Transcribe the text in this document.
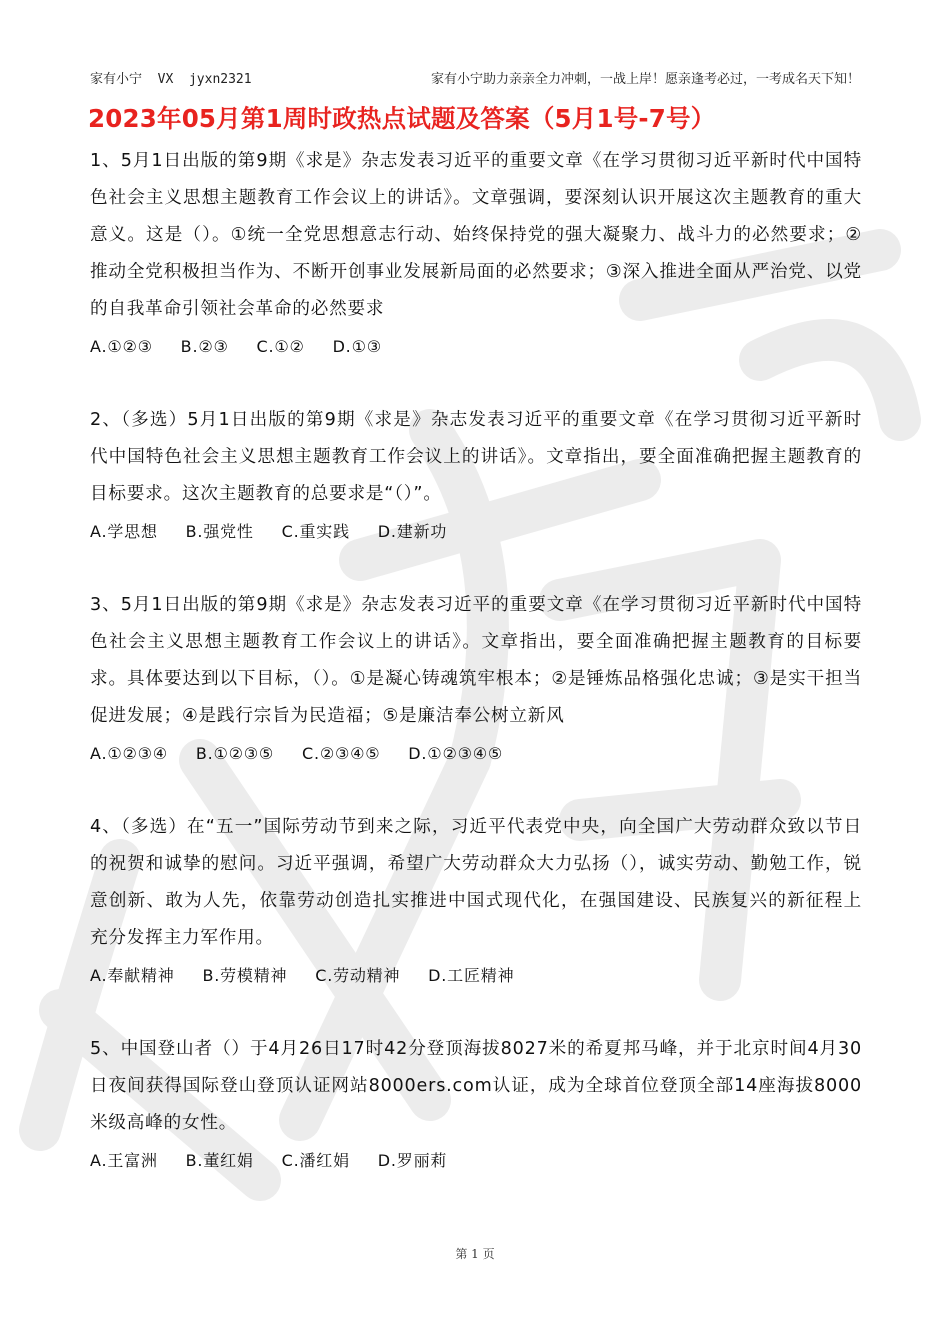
家有小宁  VX  jyxn2321	家有小宁助力亲亲全力冲刺，一战上岸！愿亲逢考必过，一考成名天下知！
2023年05月第1周时政热点试题及答案（5月1号-7号）

1、5月1日出版的第9期《求是》杂志发表习近平的重要文章《在学习贯彻习近平新时代中国特色社会主义思想主题教育工作会议上的讲话》。文章强调，要深刻认识开展这次主题教育的重大意义。这是（）。①统一全党思想意志行动、始终保持党的强大凝聚力、战斗力的必然要求；②推动全党积极担当作为、不断开创事业发展新局面的必然要求；③深入推进全面从严治党、以党的自我革命引领社会革命的必然要求

A.①②③ B.②③ C.①② D.①③

2、（多选）5月1日出版的第9期《求是》杂志发表习近平的重要文章《在学习贯彻习近平新时代中国特色社会主义思想主题教育工作会议上的讲话》。文章指出，要全面准确把握主题教育的目标要求。这次主题教育的总要求是“（）”。

A.学思想 B.强党性 C.重实践 D.建新功

3、5月1日出版的第9期《求是》杂志发表习近平的重要文章《在学习贯彻习近平新时代中国特色社会主义思想主题教育工作会议上的讲话》。文章指出，要全面准确把握主题教育的目标要求。具体要达到以下目标，（）。①是凝心铸魂筑牢根本；②是锤炼品格强化忠诚；③是实干担当促进发展；④是践行宗旨为民造福；⑤是廉洁奉公树立新风

A.①②③④ B.①②③⑤ C.②③④⑤ D.①②③④⑤

4、（多选）在“五一”国际劳动节到来之际，习近平代表党中央，向全国广大劳动群众致以节日的祝贺和诚挚的慰问。习近平强调，希望广大劳动群众大力弘扬（），诚实劳动、勤勉工作，锐意创新、敢为人先，依靠劳动创造扎实推进中国式现代化，在强国建设、民族复兴的新征程上充分发挥主力军作用。

A.奉献精神 B.劳模精神 C.劳动精神 D.工匠精神

5、中国登山者（）于4月26日17时42分登顶海拔8027米的希夏邦马峰，并于北京时间4月30日夜间获得国际登山登顶认证网站8000ers.com认证，成为全球首位登顶全部14座海拔8000米级高峰的女性。

A.王富洲 B.董红娟 C.潘红娟 D.罗丽莉
第 1 页
